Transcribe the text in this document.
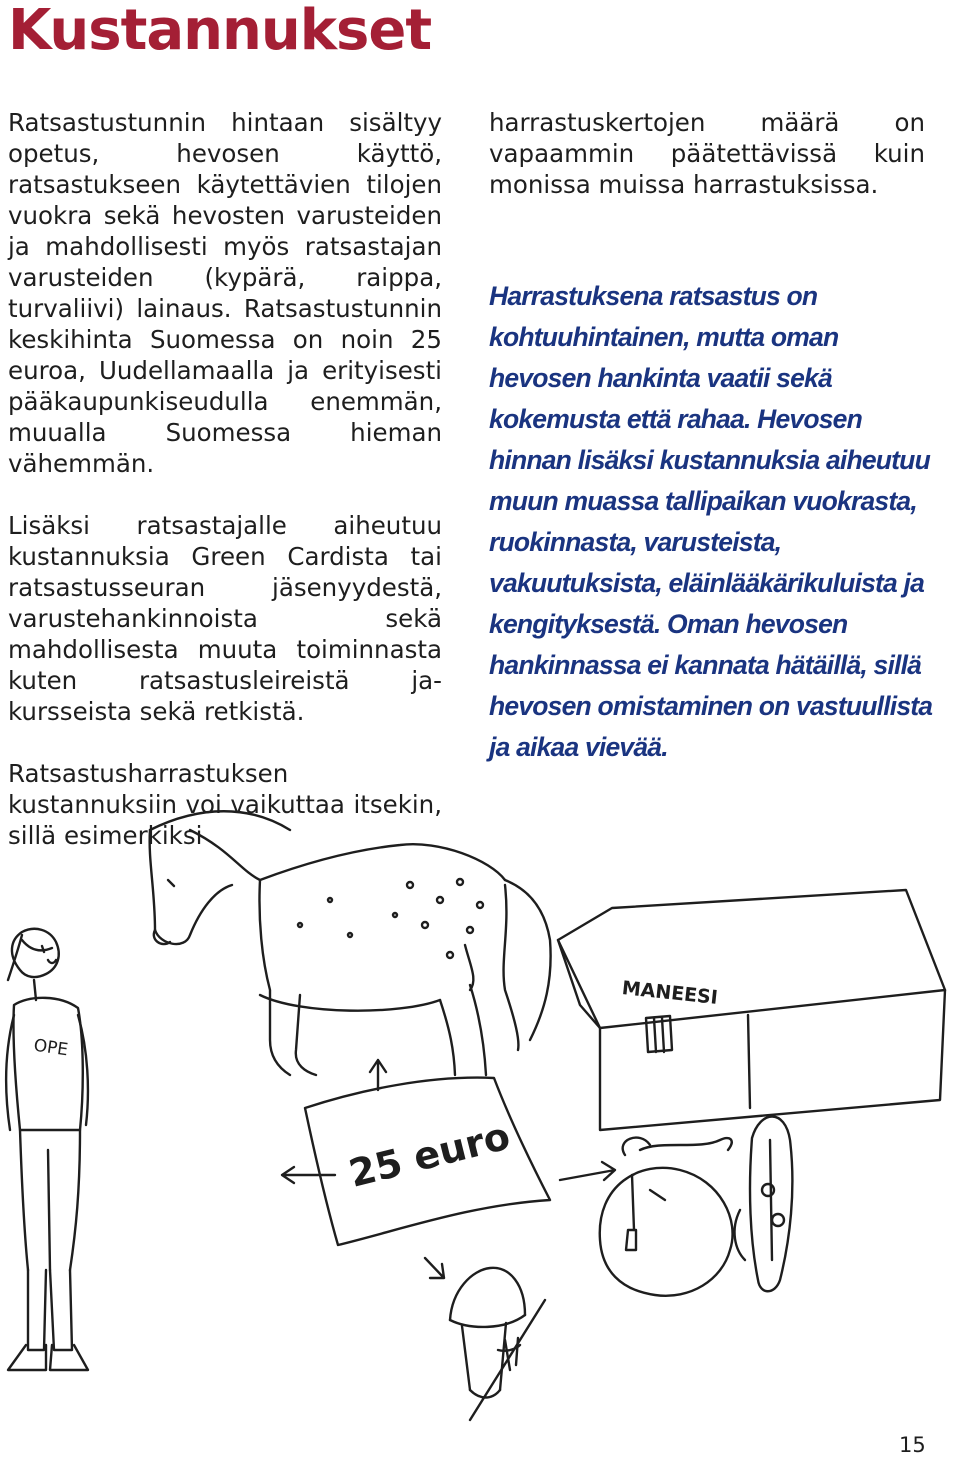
Kustannukset

Ratsastustunnin hintaan sisältyy opetus, hevosen käyttö, ratsastukseen käytettävien tilojen vuokra sekä hevosten varusteiden ja mahdollisesti myös ratsastajan varusteiden (kypärä, raippa, turvaliivi) lainaus. Ratsastustunnin keskihinta Suomessa on noin 25 euroa, Uudellamaalla ja erityisesti pääkaupunkiseudulla enemmän, muualla Suomessa hieman vähemmän.

Lisäksi ratsastajalle aiheutuu kustannuksia Green Cardista tai ratsastusseuran jäsenyydestä, varustehankinnoista sekä mahdollisesta muuta toiminnasta kuten ratsastusleireistä ja-kursseista sekä retkistä.

Ratsastusharrastuksen kustannuksiin voi vaikuttaa itsekin, sillä esimerkiksi

harrastuskertojen määrä on vapaammin päätettävissä kuin monissa muissa harrastuksissa.

Harrastuksena ratsastus on kohtuuhintainen, mutta oman hevosen hankinta vaatii sekä kokemusta että rahaa. Hevosen hinnan lisäksi kustannuksia aiheutuu muun muassa tallipaikan vuokrasta, ruokinnasta, varusteista, vakuutuksista, eläinlääkärikuluista ja kengityksestä. Oman hevosen hankinnassa ei kannata hätäillä, sillä hevosen omistaminen on vastuullista ja aikaa vievää.

OPE
25 euro
MANEESI
15
